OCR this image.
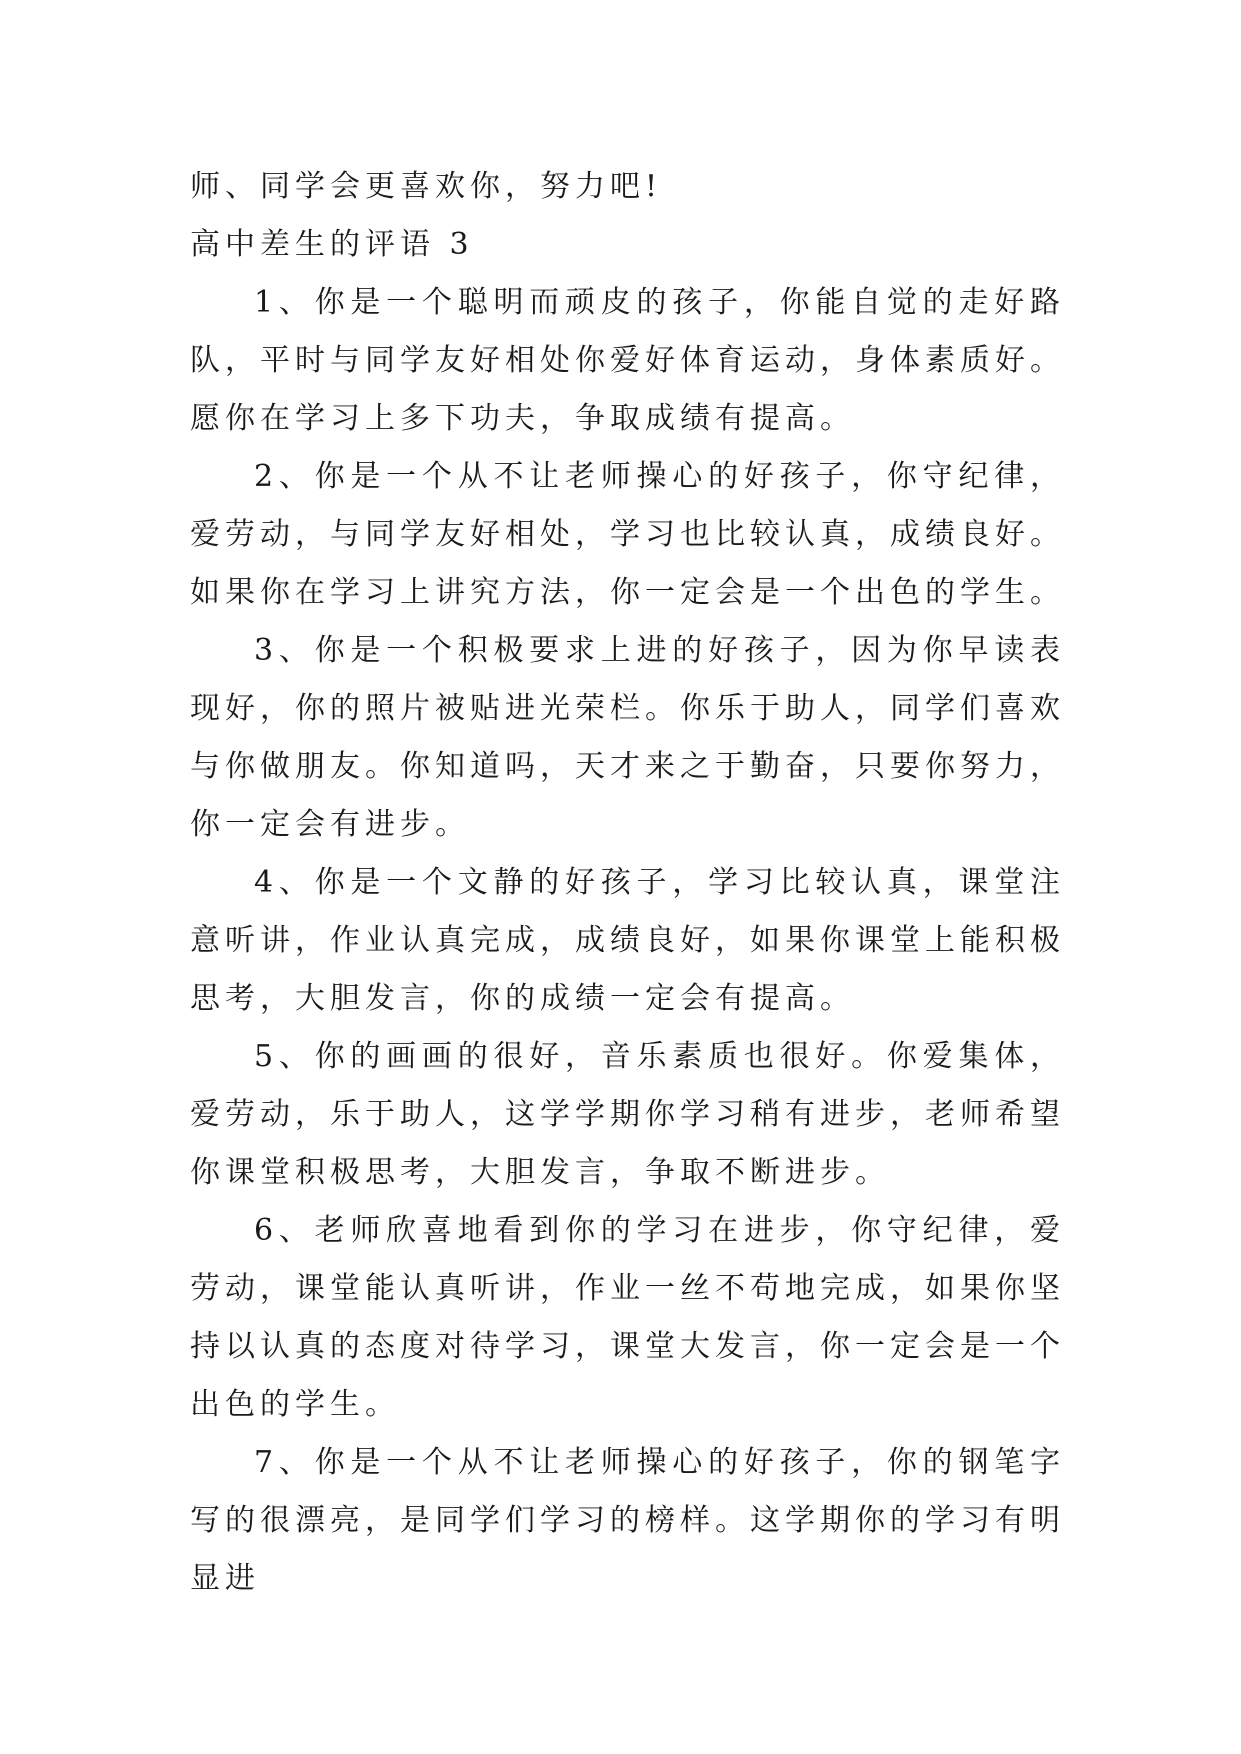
师、同学会更喜欢你，努力吧!

高中差生的评语 3

1、你是一个聪明而顽皮的孩子，你能自觉的走好路队，平时与同学友好相处你爱好体育运动，身体素质好。愿你在学习上多下功夫，争取成绩有提高。

2、你是一个从不让老师操心的好孩子，你守纪律，爱劳动，与同学友好相处，学习也比较认真，成绩良好。如果你在学习上讲究方法，你一定会是一个出色的学生。

3、你是一个积极要求上进的好孩子，因为你早读表现好，你的照片被贴进光荣栏。你乐于助人，同学们喜欢与你做朋友。你知道吗，天才来之于勤奋，只要你努力，你一定会有进步。

4、你是一个文静的好孩子，学习比较认真，课堂注意听讲，作业认真完成，成绩良好，如果你课堂上能积极思考，大胆发言，你的成绩一定会有提高。

5、你的画画的很好，音乐素质也很好。你爱集体，爱劳动，乐于助人，这学学期你学习稍有进步，老师希望你课堂积极思考，大胆发言，争取不断进步。

6、老师欣喜地看到你的学习在进步，你守纪律，爱劳动，课堂能认真听讲，作业一丝不苟地完成，如果你坚持以认真的态度对待学习，课堂大发言，你一定会是一个出色的学生。

7、你是一个从不让老师操心的好孩子，你的钢笔字写的很漂亮，是同学们学习的榜样。这学期你的学习有明显进
